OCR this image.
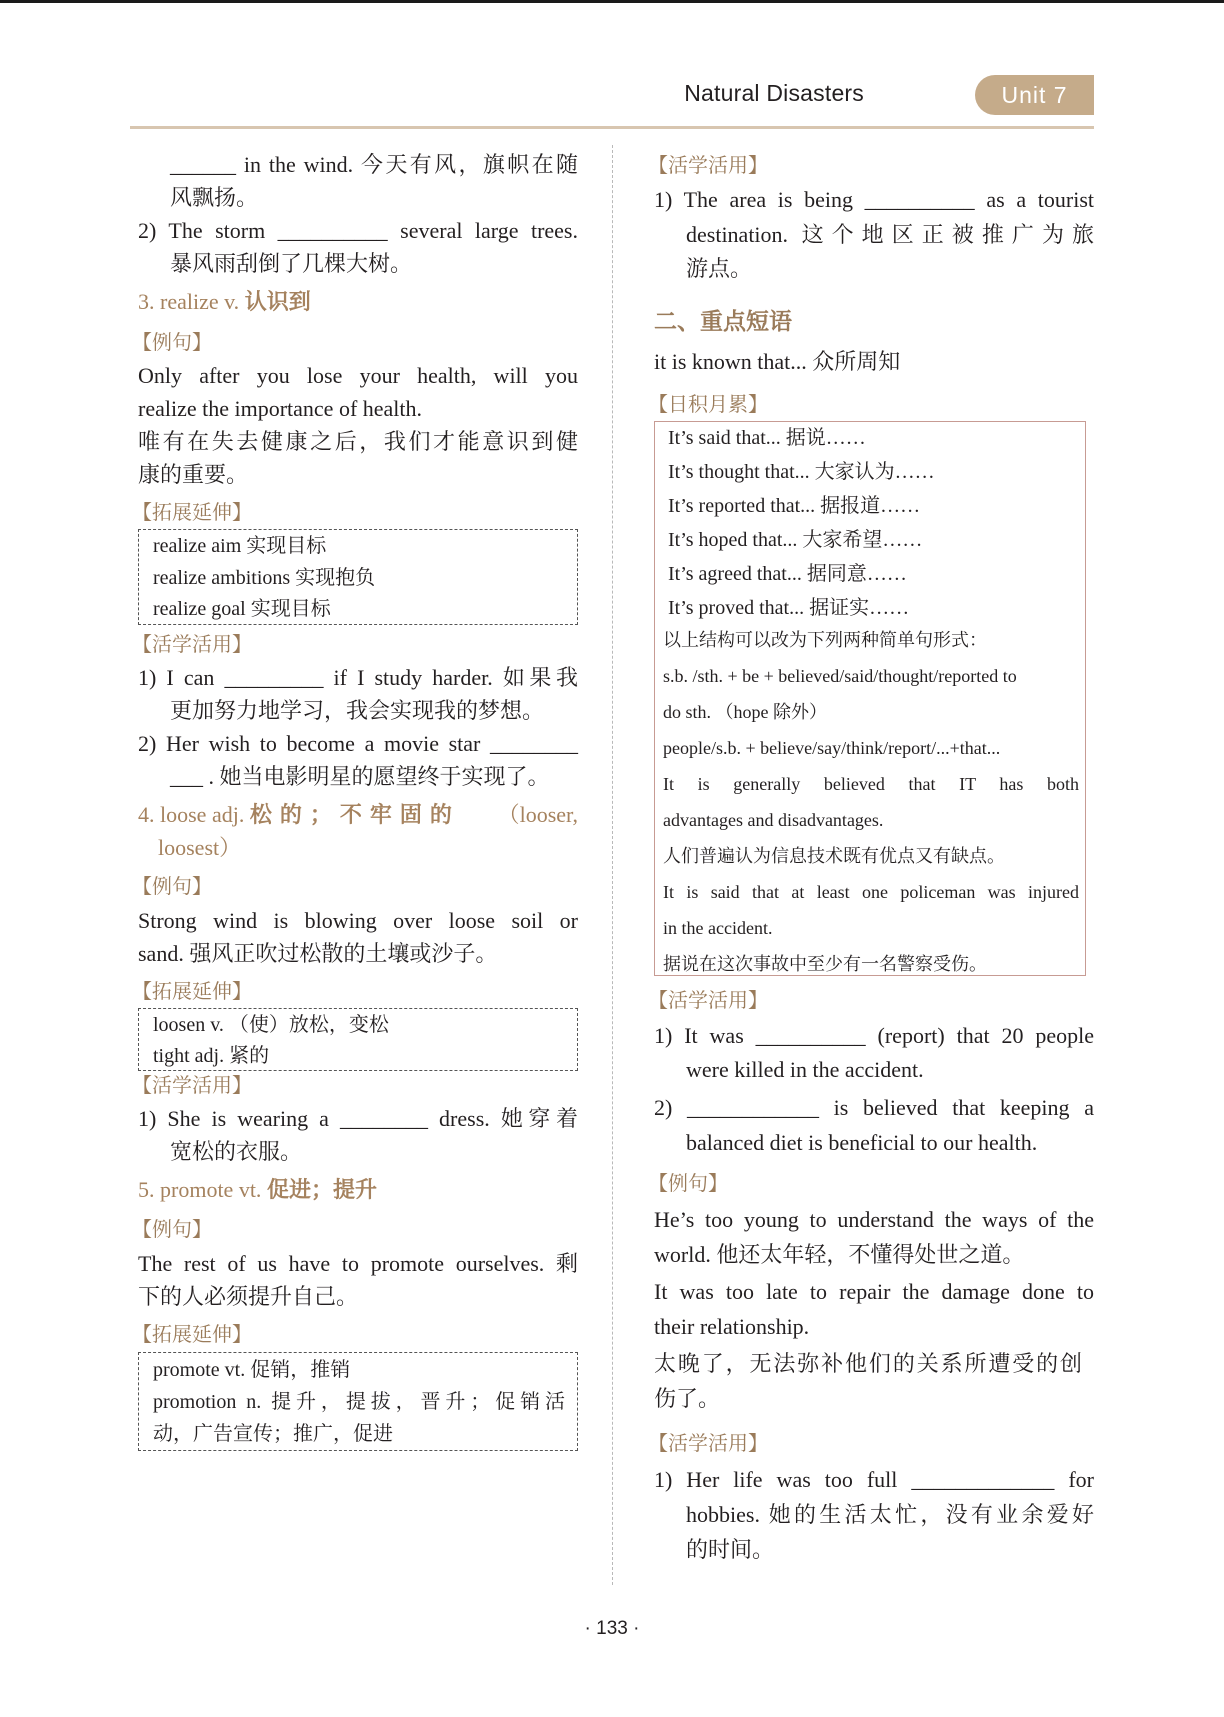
Natural Disasters	Unit 7
______ in the wind. 今天有风，旗帜在随
风飘扬。
2) The storm __________ several large trees.
暴风雨刮倒了几棵大树。
3. realize v. 认识到
【例句】
Only after you lose your health, will you
realize the importance of health.
唯有在失去健康之后，我们才能意识到健
康的重要。
【拓展延伸】
realize aim 实现目标
realize ambitions 实现抱负
realize goal 实现目标
【活学活用】
1) I can _________ if I study harder. 如果我
更加努力地学习，我会实现我的梦想。
2) Her wish to become a movie star ________
___ . 她当电影明星的愿望终于实现了。
4. loose adj. 松的；不牢固的 （looser,
loosest）
【例句】
Strong wind is blowing over loose soil or
sand. 强风正吹过松散的土壤或沙子。
【拓展延伸】
loosen v. （使）放松，变松
tight adj. 紧的
【活学活用】
1) She is wearing a ________ dress. 她穿着
宽松的衣服。
5. promote vt. 促进；提升
【例句】
The rest of us have to promote ourselves. 剩
下的人必须提升自己。
【拓展延伸】
promote vt. 促销，推销
promotion n. 提升，提拔，晋升；促销活
动，广告宣传；推广，促进
【活学活用】
1) The area is being __________ as a tourist
destination. 这个地区正被推广为旅
游点。
二、重点短语
it is known that... 众所周知
【日积月累】
It’s said that... 据说……
It’s thought that... 大家认为……
It’s reported that... 据报道……
It’s hoped that... 大家希望……
It’s agreed that... 据同意……
It’s proved that... 据证实……
以上结构可以改为下列两种简单句形式：
s.b. /sth. + be + believed/said/thought/reported to
do sth. （hope 除外）
people/s.b. + believe/say/think/report/...+that...
It is generally believed that IT has both
advantages and disadvantages.
人们普遍认为信息技术既有优点又有缺点。
It is said that at least one policeman was injured
in the accident.
据说在这次事故中至少有一名警察受伤。
【活学活用】
1) It was __________ (report) that 20 people
were killed in the accident.
2) ____________ is believed that keeping a
balanced diet is beneficial to our health.
【例句】
He’s too young to understand the ways of the
world. 他还太年轻，不懂得处世之道。
It was too late to repair the damage done to
their relationship.
太晚了，无法弥补他们的关系所遭受的创
伤了。
【活学活用】
1) Her life was too full _____________ for
hobbies. 她的生活太忙，没有业余爱好
的时间。
· 133 ·
